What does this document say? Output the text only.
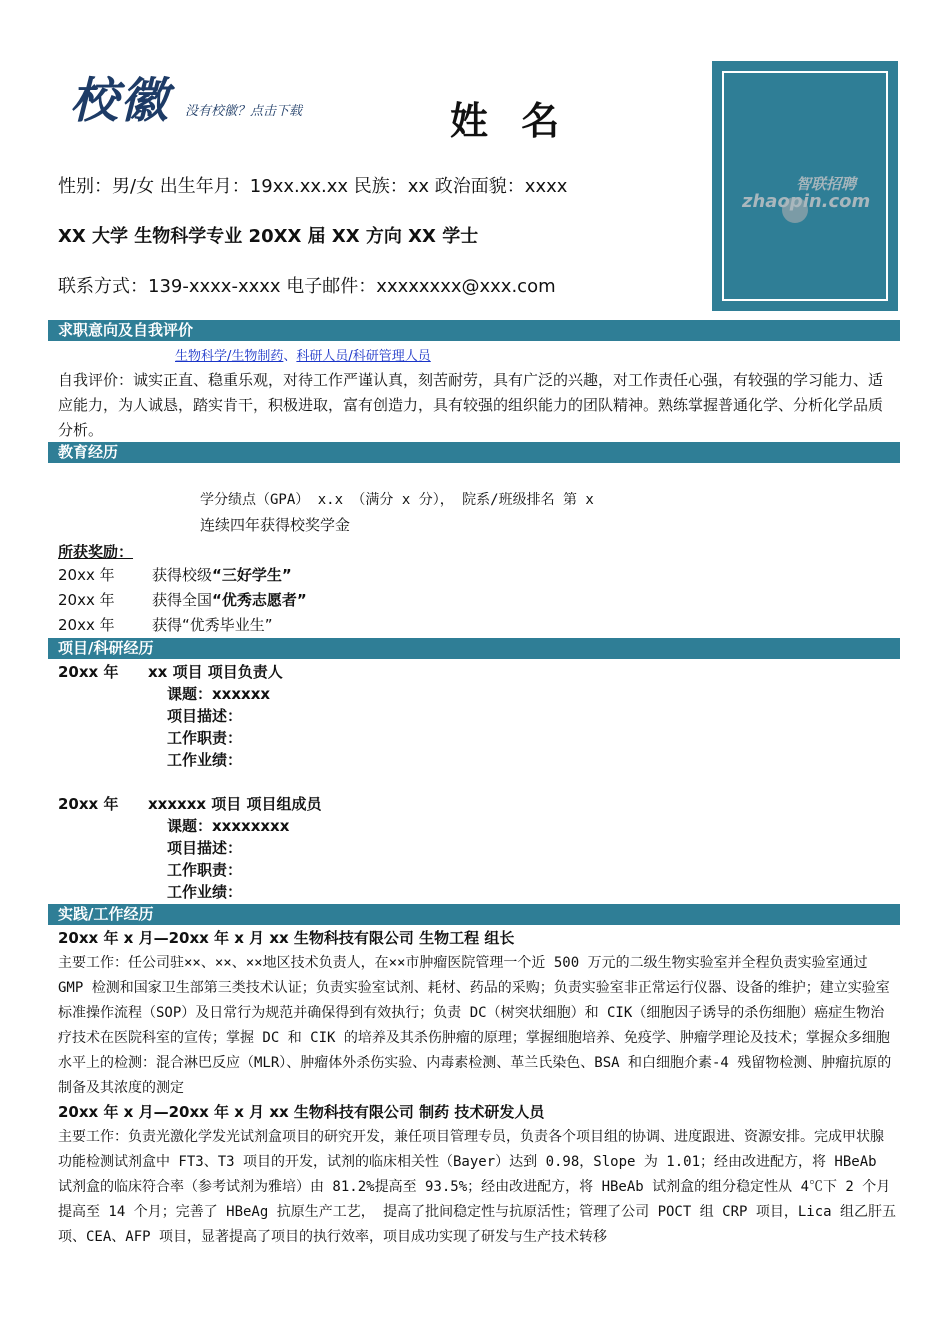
校徽 没有校徽？点击下载	姓 名
性别：男/女 出生年月：19xx.xx.xx 民族：xx 政治面貌：xxxx
XX 大学 生物科学专业 20XX 届 XX 方向 XX 学士
联系方式：139-xxxx-xxxx 电子邮件：xxxxxxxx@xxx.com
智联招聘
zhaopin.com
求职意向及自我评价
生物科学/生物制药、科研人员/科研管理人员
自我评价：诚实正直、稳重乐观，对待工作严谨认真，刻苦耐劳，具有广泛的兴趣，对工作责任心强，有较强的学习能力、适应能力，为人诚恳，踏实肯干，积极进取，富有创造力，具有较强的组织能力的团队精神。熟练掌握普通化学、分析化学品质分析。
教育经历
学分绩点（GPA） x.x （满分 x 分）， 院系/班级排名 第 x
连续四年获得校奖学金
所获奖励：
20xx 年 获得校级“三好学生”
20xx 年 获得全国“优秀志愿者”
20xx 年 获得“优秀毕业生”
项目/科研经历
20xx 年 xx 项目 项目负责人
课题：xxxxxx
项目描述：
工作职责：
工作业绩：
20xx 年 xxxxxx 项目 项目组成员
课题：xxxxxxxx
项目描述：
工作职责：
工作业绩：
实践/工作经历
20xx 年 x 月—20xx 年 x 月 xx 生物科技有限公司 生物工程 组长
主要工作：任公司驻××、××、××地区技术负责人，在××市肿瘤医院管理一个近 500 万元的二级生物实验室并全程负责实验室通过 GMP 检测和国家卫生部第三类技术认证；负责实验室试剂、耗材、药品的采购；负责实验室非正常运行仪器、设备的维护；建立实验室标准操作流程（SOP）及日常行为规范并确保得到有效执行；负责 DC（树突状细胞）和 CIK（细胞因子诱导的杀伤细胞）癌症生物治疗技术在医院科室的宣传；掌握 DC 和 CIK 的培养及其杀伤肿瘤的原理；掌握细胞培养、免疫学、肿瘤学理论及技术；掌握众多细胞水平上的检测：混合淋巴反应（MLR）、肿瘤体外杀伤实验、内毒素检测、革兰氏染色、BSA 和白细胞介素-4 残留物检测、肿瘤抗原的制备及其浓度的测定
20xx 年 x 月—20xx 年 x 月 xx 生物科技有限公司 制药 技术研发人员
主要工作：负责光激化学发光试剂盒项目的研究开发，兼任项目管理专员，负责各个项目组的协调、进度跟进、资源安排。完成甲状腺功能检测试剂盒中 FT3、T3 项目的开发，试剂的临床相关性（Bayer）达到 0.98，Slope 为 1.01；经由改进配方，将 HBeAb 试剂盒的临床符合率（参考试剂为雅培）由 81.2%提高至 93.5%；经由改进配方，将 HBeAb 试剂盒的组分稳定性从 4℃下 2 个月提高至 14 个月；完善了 HBeAg 抗原生产工艺， 提高了批间稳定性与抗原活性；管理了公司 POCT 组 CRP 项目，Lica 组乙肝五项、CEA、AFP 项目，显著提高了项目的执行效率，项目成功实现了研发与生产技术转移
